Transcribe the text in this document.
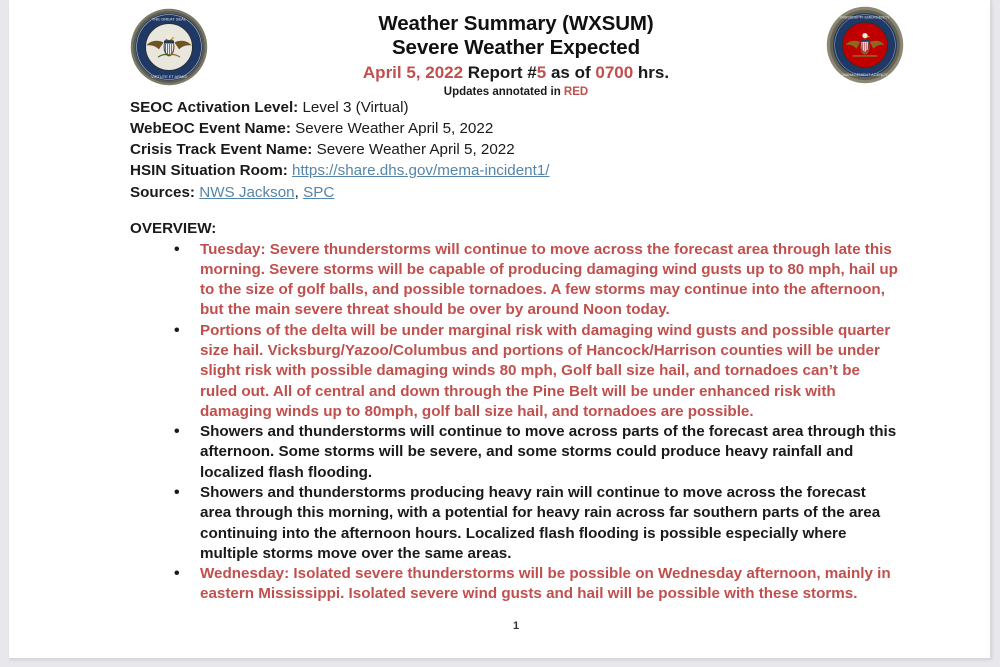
THE GREAT SEAL
VIRTUTE ET ARMIS
MISSISSIPPI EMERGENCY
MANAGEMENT AGENCY
Weather Summary (WXSUM)
Severe Weather Expected
April 5, 2022 Report #5 as of 0700 hrs.
Updates annotated in RED
SEOC Activation Level: Level 3 (Virtual)
WebEOC Event Name: Severe Weather April 5, 2022
Crisis Track Event Name: Severe Weather April 5, 2022
HSIN Situation Room: https://share.dhs.gov/mema-incident1/
Sources: NWS Jackson, SPC
OVERVIEW:
• Tuesday: Severe thunderstorms will continue to move across the forecast area through late this morning. Severe storms will be capable of producing damaging wind gusts up to 80 mph, hail up to the size of golf balls, and possible tornadoes. A few storms may continue into the afternoon, but the main severe threat should be over by around Noon today.
• Portions of the delta will be under marginal risk with damaging wind gusts and possible quarter size hail. Vicksburg/Yazoo/Columbus and portions of Hancock/Harrison counties will be under slight risk with possible damaging winds 80 mph, Golf ball size hail, and tornadoes can’t be ruled out. All of central and down through the Pine Belt will be under enhanced risk with damaging winds up to 80mph, golf ball size hail, and tornadoes are possible.
• Showers and thunderstorms will continue to move across parts of the forecast area through this afternoon. Some storms will be severe, and some storms could produce heavy rainfall and localized flash flooding.
• Showers and thunderstorms producing heavy rain will continue to move across the forecast area through this morning, with a potential for heavy rain across far southern parts of the area continuing into the afternoon hours. Localized flash flooding is possible especially where multiple storms move over the same areas.
• Wednesday: Isolated severe thunderstorms will be possible on Wednesday afternoon, mainly in eastern Mississippi. Isolated severe wind gusts and hail will be possible with these storms.
1
